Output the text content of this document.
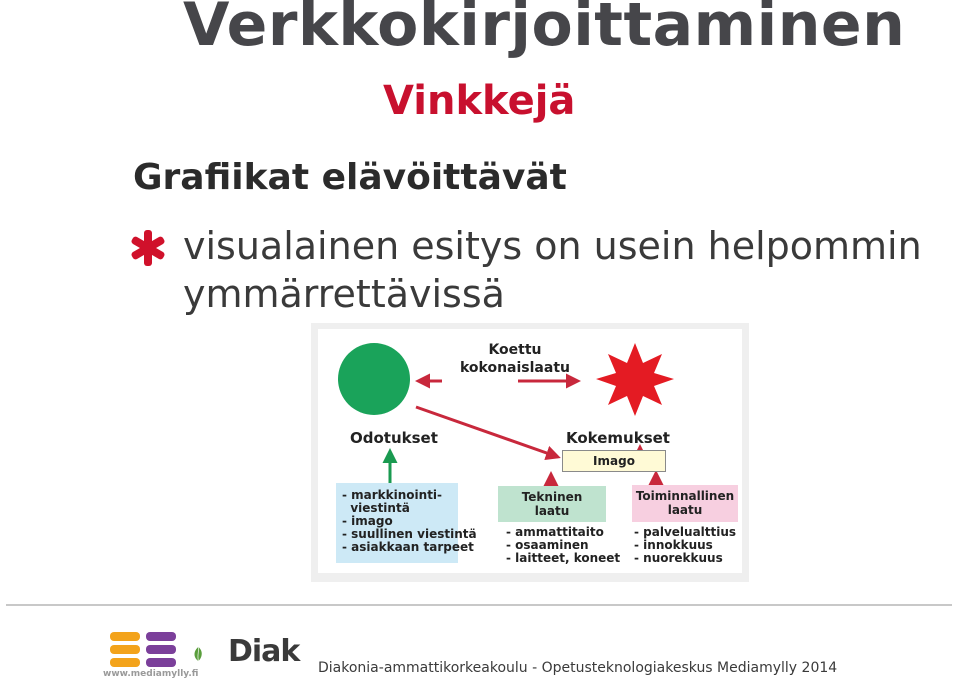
Verkkokirjoittaminen
Vinkkejä
Grafiikat elävöittävät

visualainen esitys on usein helpommin ymmärrettävissä

Koettu
kokonaislaatu
Odotukset	Kokemukset
Imago
- markkinointi-
viestintä
- imago
- suullinen viestintä
- asiakkaan tarpeet
Tekninen
laatu
- ammattitaito
- osaaminen
- laitteet, koneet
Toiminnallinen
laatu
- palvelualttius
- innokkuus
- nuorekkuus
www.mediamylly.fi
Diak Diakonia-ammattikorkeakoulu - Opetusteknologiakeskus Mediamylly 2014
